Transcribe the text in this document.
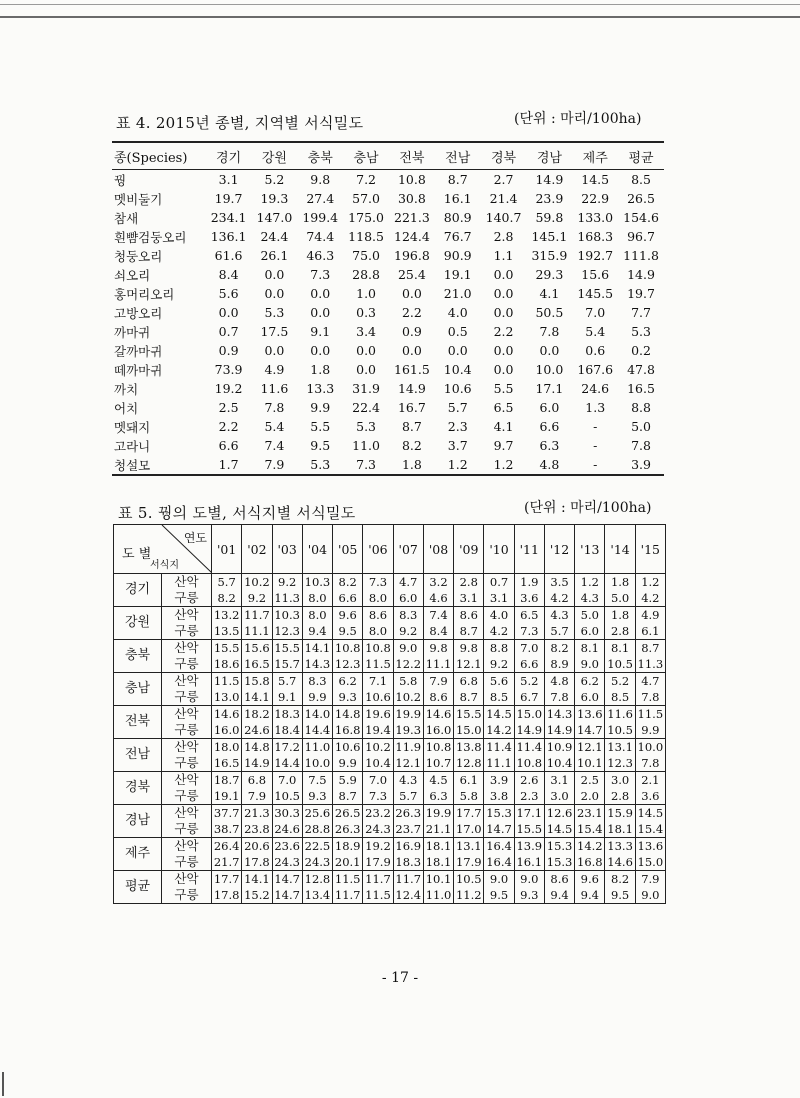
표 4. 2015년 종별, 지역별 서식밀도	(단위 : 마리/100ha)
종(Species)	경기	강원	충북	충남	전북	전남	경북	경남	제주	평균
꿩	3.1	5.2	9.8	7.2	10.8	8.7	2.7	14.9	14.5	8.5
멧비둘기	19.7	19.3	27.4	57.0	30.8	16.1	21.4	23.9	22.9	26.5
참새	234.1 147.0 199.4 175.0 221.3	80.9	140.7	59.8	133.0 154.6
흰뺨검둥오리	136.1	24.4	74.4	118.5 124.4	76.7	2.8	145.1 168.3	96.7
청둥오리	61.6	26.1	46.3	75.0	196.8	90.9	1.1	315.9 192.7 111.8
쇠오리	8.4	0.0	7.3	28.8	25.4	19.1	0.0	29.3	15.6	14.9
홍머리오리	5.6	0.0	0.0	1.0	0.0	21.0	0.0	4.1	145.5	19.7
고방오리	0.0	5.3	0.0	0.3	2.2	4.0	0.0	50.5	7.0	7.7
까마귀	0.7	17.5	9.1	3.4	0.9	0.5	2.2	7.8	5.4	5.3
갈까마귀	0.9	0.0	0.0	0.0	0.0	0.0	0.0	0.0	0.6	0.2
떼까마귀	73.9	4.9	1.8	0.0	161.5	10.4	0.0	10.0	167.6	47.8
까치	19.2	11.6	13.3	31.9	14.9	10.6	5.5	17.1	24.6	16.5
어치	2.5	7.8	9.9	22.4	16.7	5.7	6.5	6.0	1.3	8.8
멧돼지	2.2	5.4	5.5	5.3	8.7	2.3	4.1	6.6	-	5.0
고라니	6.6	7.4	9.5	11.0	8.2	3.7	9.7	6.3	-	7.8
청설모	1.7	7.9	5.3	7.3	1.8	1.2	1.2	4.8	-	3.9
표 5. 꿩의 도별, 서식지별 서식밀도	(단위 : 마리/100ha)
연도
도 별
서식지		'01	'02	'03	'04	'05	'06	'07	'08	'09	'10	'11	'12	'13	'14	'15
경기	산악	5.7	10.2	9.2	10.3	8.2	7.3	4.7	3.2	2.8	0.7	1.9	3.5	1.2	1.8	1.2
	구릉	8.2	9.2	11.3	8.0	6.6	8.0	6.0	4.6	3.1	3.1	3.6	4.2	4.3	5.0	4.2
강원	산악	13.2	11.7	10.3	8.0	9.6	8.6	8.3	7.4	8.6	4.0	6.5	4.3	5.0	1.8	4.9
	구릉	13.5	11.1	12.3	9.4	9.5	8.0	9.2	8.4	8.7	4.2	7.3	5.7	6.0	2.8	6.1
충북	산악	15.5	15.6	15.5	14.1	10.8	10.8	9.0	9.8	9.8	8.8	7.0	8.2	8.1	8.1	8.7
	구릉	18.6	16.5	15.7	14.3	12.3	11.5	12.2	11.1	12.1	9.2	6.6	8.9	9.0	10.5	11.3
충남	산악	11.5	15.8	5.7	8.3	6.2	7.1	5.8	7.9	6.8	5.6	5.2	4.8	6.2	5.2	4.7
	구릉	13.0	14.1	9.1	9.9	9.3	10.6	10.2	8.6	8.7	8.5	6.7	7.8	6.0	8.5	7.8
전북	산악	14.6	18.2	18.3	14.0	14.8	19.6	19.9	14.6	15.5	14.5	15.0	14.3	13.6	11.6	11.5
	구릉	16.0	24.6	18.4	14.4	16.8	19.4	19.3	16.0	15.0	14.2	14.9	14.9	14.7	10.5	9.9
전남	산악	18.0	14.8	17.2	11.0	10.6	10.2	11.9	10.8	13.8	11.4	11.4	10.9	12.1	13.1	10.0
	구릉	16.5	14.9	14.4	10.0	9.9	10.4	12.1	10.7	12.8	11.1	10.8	10.4	10.1	12.3	7.8
경북	산악	18.7	6.8	7.0	7.5	5.9	7.0	4.3	4.5	6.1	3.9	2.6	3.1	2.5	3.0	2.1
	구릉	19.1	7.9	10.5	9.3	8.7	7.3	5.7	6.3	5.8	3.8	2.3	3.0	2.0	2.8	3.6
경남	산악	37.7	21.3	30.3	25.6	26.5	23.2	26.3	19.9	17.7	15.3	17.1	12.6	23.1	15.9	14.5
	구릉	38.7	23.8	24.6	28.8	26.3	24.3	23.7	21.1	17.0	14.7	15.5	14.5	15.4	18.1	15.4
제주	산악	26.4	20.6	23.6	22.5	18.9	19.2	16.9	18.1	13.1	16.4	13.9	15.3	14.2	13.3	13.6
	구릉	21.7	17.8	24.3	24.3	20.1	17.9	18.3	18.1	17.9	16.4	16.1	15.3	16.8	14.6	15.0
평균	산악	17.7	14.1	14.7	12.8	11.5	11.7	11.7	10.1	10.5	9.0	9.0	8.6	9.6	8.2	7.9
	구릉	17.8	15.2	14.7	13.4	11.7	11.5	12.4	11.0	11.2	9.5	9.3	9.4	9.4	9.5	9.0
- 17 -
